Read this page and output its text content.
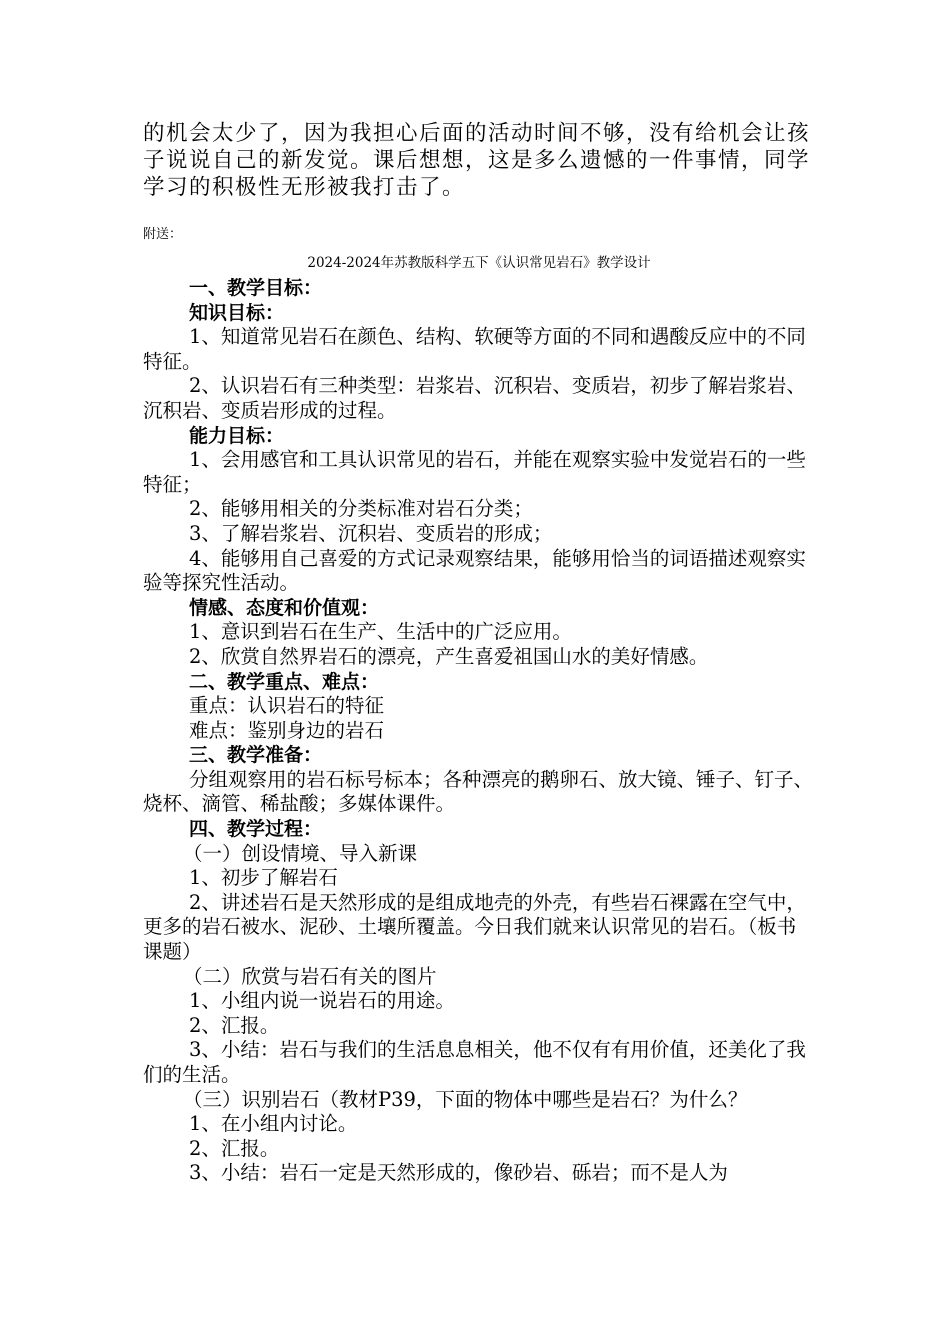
的机会太少了，因为我担心后面的活动时间不够，没有给机会让孩子说说自己的新发觉。课后想想，这是多么遗憾的一件事情，同学学习的积极性无形被我打击了。

附送：

2024-2024年苏教版科学五下《认识常见岩石》教学设计

一、教学目标：

知识目标：

1、知道常见岩石在颜色、结构、软硬等方面的不同和遇酸反应中的不同特征。

2、认识岩石有三种类型：岩浆岩、沉积岩、变质岩，初步了解岩浆岩、沉积岩、变质岩形成的过程。

能力目标：

1、会用感官和工具认识常见的岩石，并能在观察实验中发觉岩石的一些特征；

2、能够用相关的分类标准对岩石分类；

3、了解岩浆岩、沉积岩、变质岩的形成；

4、能够用自己喜爱的方式记录观察结果，能够用恰当的词语描述观察实验等探究性活动。

情感、态度和价值观：

1、意识到岩石在生产、生活中的广泛应用。

2、欣赏自然界岩石的漂亮，产生喜爱祖国山水的美好情感。

二、教学重点、难点：

重点：认识岩石的特征

难点：鉴别身边的岩石

三、教学准备：

分组观察用的岩石标号标本；各种漂亮的鹅卵石、放大镜、锤子、钉子、烧杯、滴管、稀盐酸；多媒体课件。

四、教学过程：

（一）创设情境、导入新课

1、初步了解岩石

2、讲述岩石是天然形成的是组成地壳的外壳，有些岩石裸露在空气中，更多的岩石被水、泥砂、土壤所覆盖。今日我们就来认识常见的岩石。（板书课题）

（二）欣赏与岩石有关的图片

1、小组内说一说岩石的用途。

2、汇报。

3、小结：岩石与我们的生活息息相关，他不仅有有用价值，还美化了我们的生活。

（三）识别岩石（教材P39，下面的物体中哪些是岩石？为什么？

1、在小组内讨论。

2、汇报。

3、小结：岩石一定是天然形成的，像砂岩、砾岩；而不是人为
